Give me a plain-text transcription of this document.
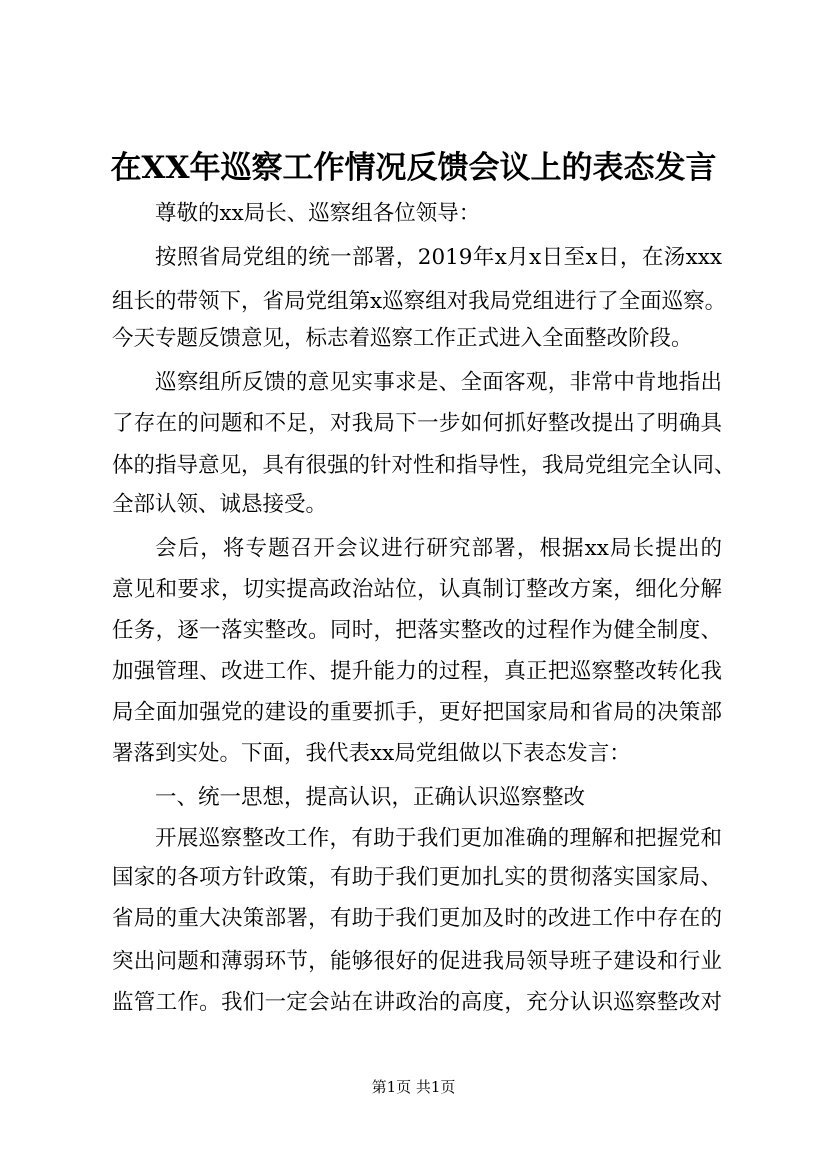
在XX年巡察工作情况反馈会议上的表态发言
尊敬的xx局长、巡察组各位领导：
按照省局党组的统一部署，2019年x月x日至x日，在汤xxx
组长的带领下，省局党组第x巡察组对我局党组进行了全面巡察。
今天专题反馈意见，标志着巡察工作正式进入全面整改阶段。
巡察组所反馈的意见实事求是、全面客观，非常中肯地指出
了存在的问题和不足，对我局下一步如何抓好整改提出了明确具
体的指导意见，具有很强的针对性和指导性，我局党组完全认同、
全部认领、诚恳接受。
会后，将专题召开会议进行研究部署，根据xx局长提出的
意见和要求，切实提高政治站位，认真制订整改方案，细化分解
任务，逐一落实整改。同时，把落实整改的过程作为健全制度、
加强管理、改进工作、提升能力的过程，真正把巡察整改转化我
局全面加强党的建设的重要抓手，更好把国家局和省局的决策部
署落到实处。下面，我代表xx局党组做以下表态发言：
一、统一思想，提高认识，正确认识巡察整改
开展巡察整改工作，有助于我们更加准确的理解和把握党和
国家的各项方针政策，有助于我们更加扎实的贯彻落实国家局、
省局的重大决策部署，有助于我们更加及时的改进工作中存在的
突出问题和薄弱环节，能够很好的促进我局领导班子建设和行业
监管工作。我们一定会站在讲政治的高度，充分认识巡察整改对
第1页 共1页
